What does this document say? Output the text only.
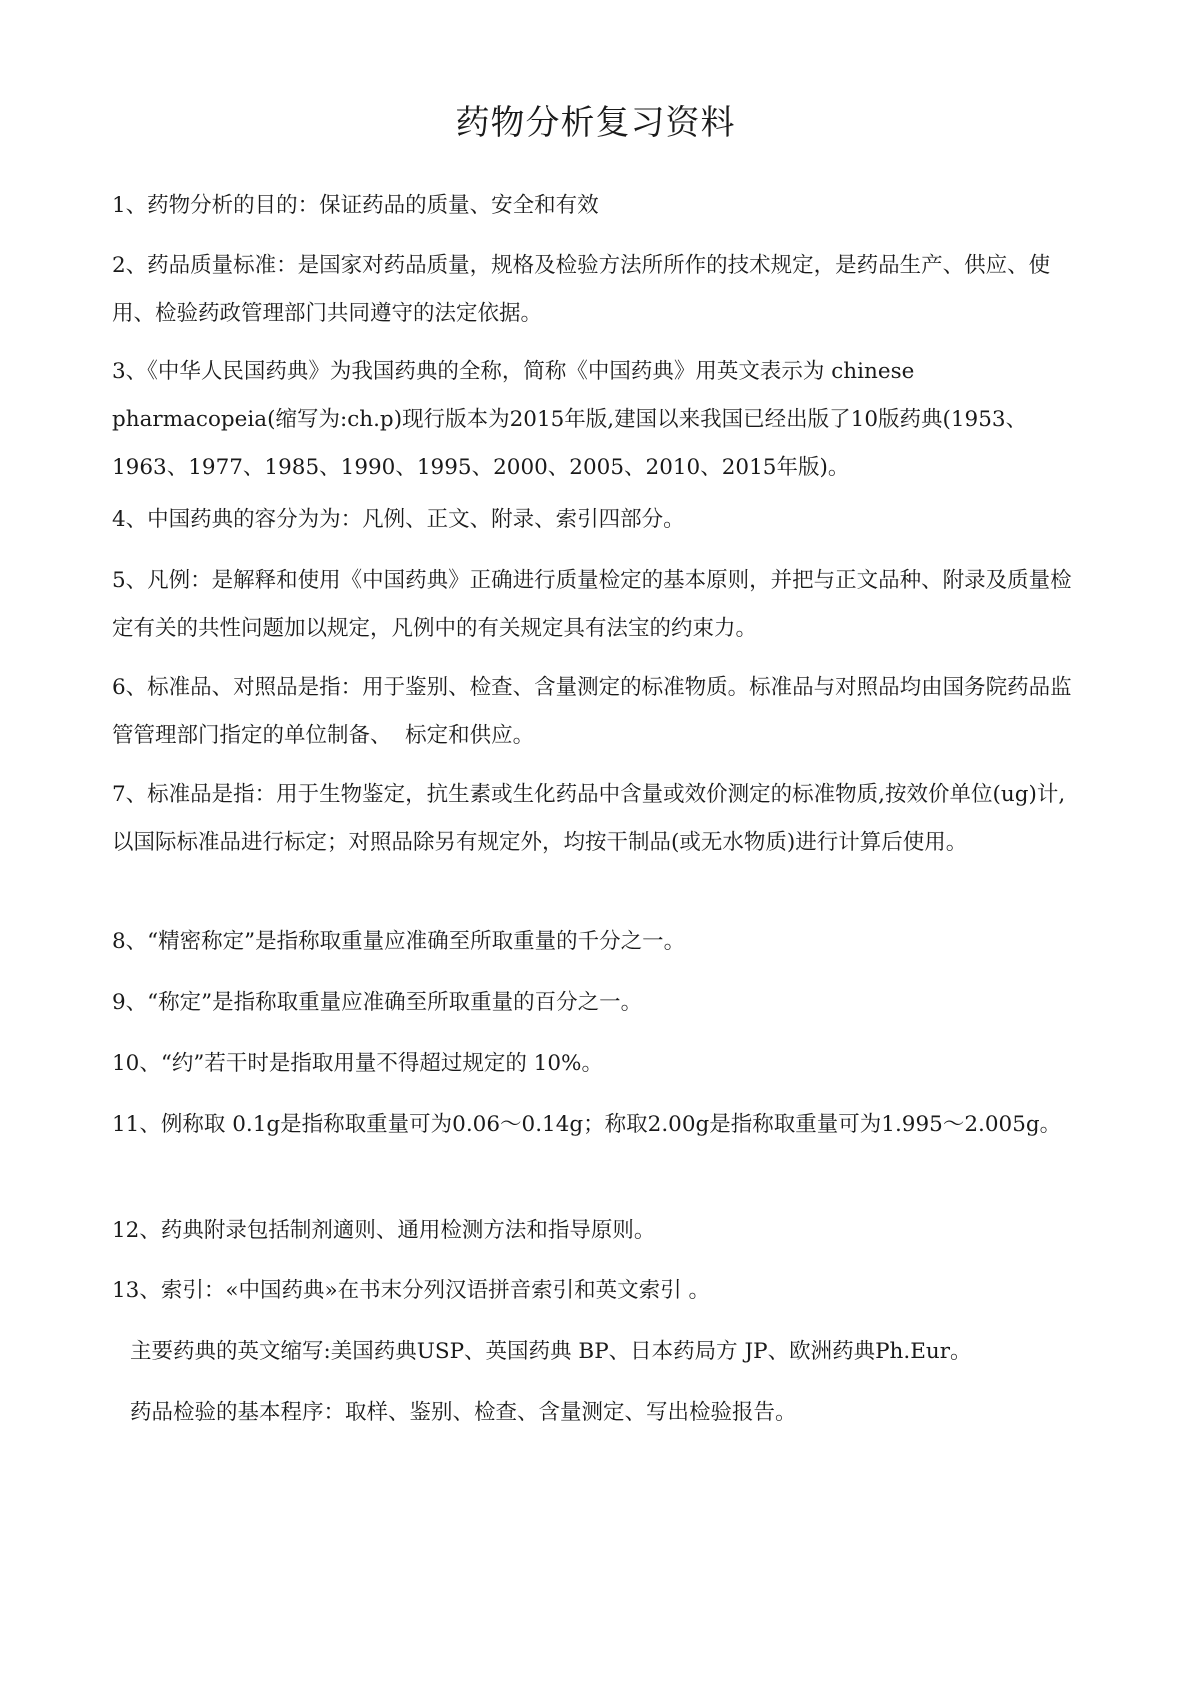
药物分析复习资料

1、药物分析的目的：保证药品的质量、安全和有效

2、药品质量标准：是国家对药品质量，规格及检验方法所所作的技术规定，是药品生产、供应、使用、检验药政管理部门共同遵守的法定依据。

3、《中华人民国药典》为我国药典的全称，简称《中国药典》用英文表示为 chinese pharmacopeia(缩写为:ch.p)现行版本为2015年版,建国以来我国已经出版了10版药典(1953、1963、1977、1985、1990、1995、2000、2005、2010、2015年版)。

4、中国药典的容分为为：凡例、正文、附录、索引四部分。

5、凡例：是解释和使用《中国药典》正确进行质量检定的基本原则，并把与正文品种、附录及质量检定有关的共性问题加以规定，凡例中的有关规定具有法宝的约束力。

6、标准品、对照品是指：用于鉴别、检查、含量测定的标准物质。标准品与对照品均由国务院药品监管管理部门指定的单位制备、  标定和供应。

7、标准品是指：用于生物鉴定，抗生素或生化药品中含量或效价测定的标准物质,按效价单位(ug)计,以国际标准品进行标定；对照品除另有规定外，均按干制品(或无水物质)进行计算后使用。

8、“精密称定”是指称取重量应准确至所取重量的千分之一。

9、“称定”是指称取重量应准确至所取重量的百分之一。

10、“约”若干时是指取用量不得超过规定的 10%。

11、例称取 0.1g是指称取重量可为0.06～0.14g；称取2.00g是指称取重量可为1.995～2.005g。

12、药典附录包括制剂適则、通用检测方法和指导原则。

13、索引：«中国药典»在书末分列汉语拼音索引和英文索引 。

主要药典的英文缩写:美国药典USP、英国药典 BP、日本药局方 JP、欧洲药典Ph.Eur。

药品检验的基本程序：取样、鉴别、检查、含量测定、写出检验报告。
